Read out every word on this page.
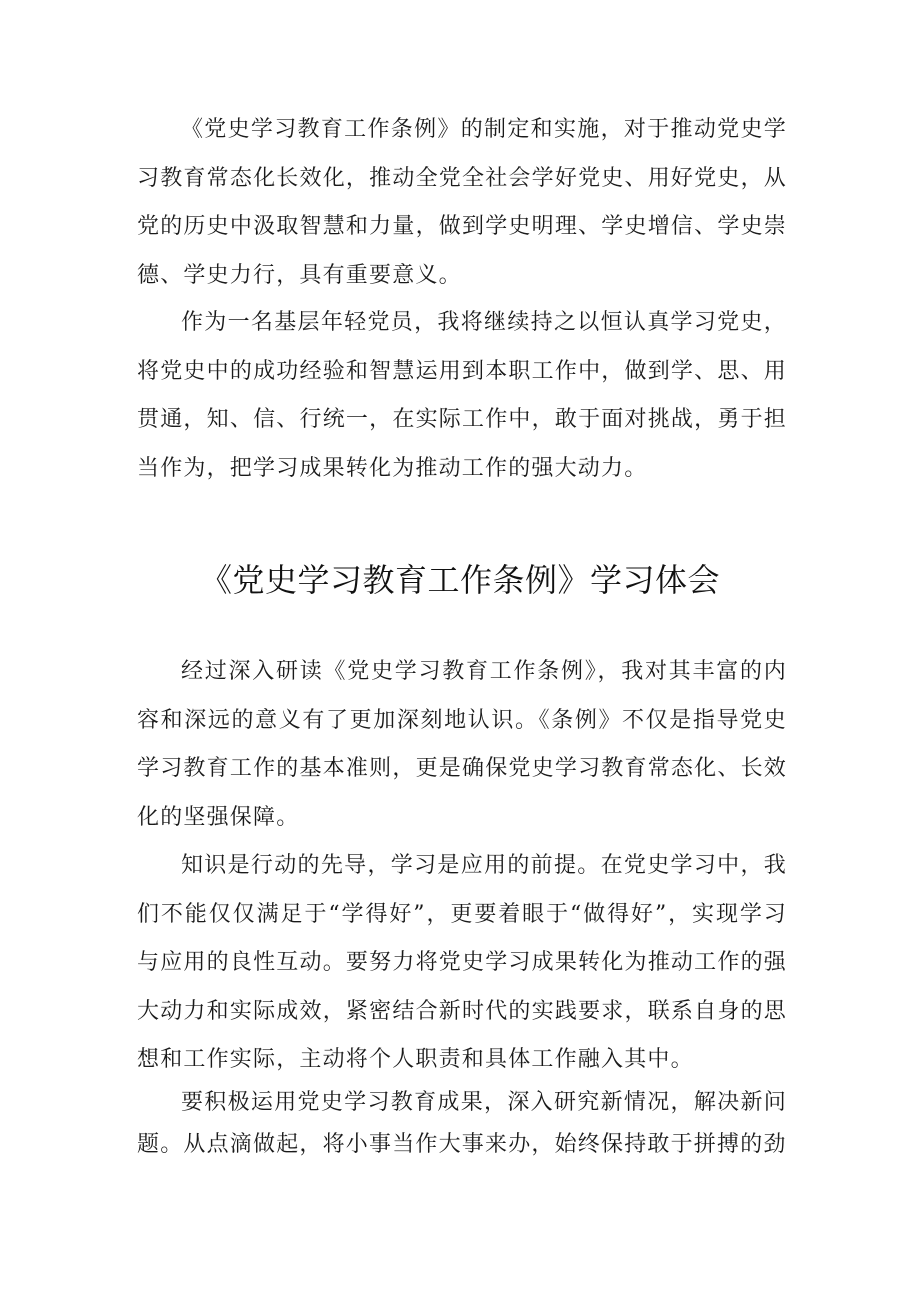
《党史学习教育工作条例》的制定和实施，对于推动党史学习教育常态化长效化，推动全党全社会学好党史、用好党史，从党的历史中汲取智慧和力量，做到学史明理、学史增信、学史崇德、学史力行，具有重要意义。

作为一名基层年轻党员，我将继续持之以恒认真学习党史，将党史中的成功经验和智慧运用到本职工作中，做到学、思、用贯通，知、信、行统一，在实际工作中，敢于面对挑战，勇于担当作为，把学习成果转化为推动工作的强大动力。

《党史学习教育工作条例》学习体会

经过深入研读《党史学习教育工作条例》，我对其丰富的内容和深远的意义有了更加深刻地认识。《条例》不仅是指导党史学习教育工作的基本准则，更是确保党史学习教育常态化、长效化的坚强保障。

知识是行动的先导，学习是应用的前提。在党史学习中，我们不能仅仅满足于“学得好”，更要着眼于“做得好”，实现学习与应用的良性互动。要努力将党史学习成果转化为推动工作的强大动力和实际成效，紧密结合新时代的实践要求，联系自身的思想和工作实际，主动将个人职责和具体工作融入其中。

要积极运用党史学习教育成果，深入研究新情况，解决新问题。从点滴做起，将小事当作大事来办，始终保持敢于拼搏的劲
